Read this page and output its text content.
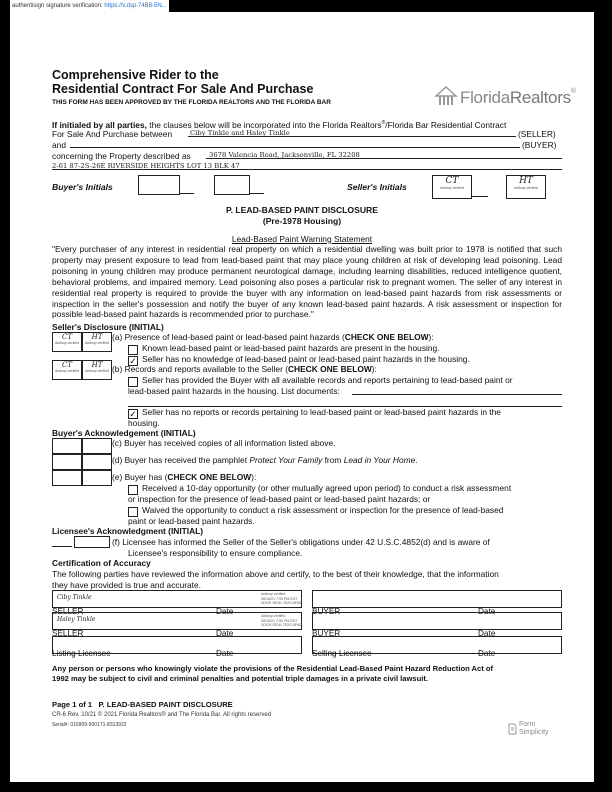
authentisign signature verification: https://v.dsp.74B8-5N...
Comprehensive Rider to the
Residential Contract For Sale And Purchase
THIS FORM HAS BEEN APPROVED BY THE FLORIDA REALTORS AND THE FLORIDA BAR	FloridaRealtors®
If initialed by all parties, the clauses below will be incorporated into the Florida Realtors®/Florida Bar Residential Contract
For Sale And Purchase between	Ciby Tinkle and Haley Tinkle	(SELLER)
and	(BUYER)
concerning the Property described as	3678 Valencia Road, Jacksonville, FL 32208
2-61 87-2S-26E RIVERSIDE HEIGHTS LOT 13 BLK 47
Buyer's Initials	Seller's Initials
CT
dotloop verified
HT
dotloop verified
P. LEAD-BASED PAINT DISCLOSURE
(Pre-1978 Housing)
Lead-Based Paint Warning Statement
"Every purchaser of any interest in residential real property on which a residential dwelling was built prior to 1978 is notified that such property may present exposure to lead from lead-based paint that may place young children at risk of developing lead poisoning. Lead poisoning in young children may produce permanent neurological damage, including learning disabilities, reduced intelligence quotient, behavioral problems, and impaired memory. Lead poisoning also poses a particular risk to pregnant women. The seller of any interest in residential real property is required to provide the buyer with any information on lead-based paint hazards from risk assessments or inspection in the seller's possession and notify the buyer of any known lead-based paint hazards. A risk assessment or inspection for possible lead-based paint hazards is recommended prior to purchase."
Seller's Disclosure (INITIAL)
CT
dotloop verified
HT
dotloop verified
(a) Presence of lead-based paint or lead-based paint hazards (CHECK ONE BELOW):
Known lead-based paint or lead-based paint hazards are present in the housing.
✓ Seller has no knowledge of lead-based paint or lead-based paint hazards in the housing.
CT
dotloop verified
HT
dotloop verified (b) Records and reports available to the Seller (CHECK ONE BELOW):
Seller has provided the Buyer with all available records and reports pertaining to lead-based paint or
lead-based paint hazards in the housing. List documents:
✓ Seller has no reports or records pertaining to lead-based paint or lead-based paint hazards in the
housing.
Buyer's Acknowledgement (INITIAL)
(c) Buyer has received copies of all information listed above.
(d) Buyer has received the pamphlet Protect Your Family from Lead in Your Home.
(e) Buyer has (CHECK ONE BELOW):
Received a 10-day opportunity (or other mutually agreed upon period) to conduct a risk assessment
or inspection for the presence of lead-based paint or lead-based paint hazards; or
Waived the opportunity to conduct a risk assessment or inspection for the presence of lead-based
paint or lead-based paint hazards.
Licensee's Acknowledgment (INITIAL)
(f) Licensee has informed the Seller of the Seller's obligations under 42 U.S.C.4852(d) and is aware of
Licensee's responsibility to ensure compliance.
Certification of Accuracy
The following parties have reviewed the information above and certify, to the best of their knowledge, that the information
they have provided is true and accurate.
Ciby Tinkle	dotloop verified
08/18/21 7:50 PM EDT
XDGP-SE1K-7E2G-5FAD
SELLER	Date	BUYER	Date
Haley Tinkle	dotloop verified
08/18/21 7:50 PM EDT
XDGP-SE1K-7E2G-5FAD
SELLER	Date	BUYER	Date
Listing Licensee	Date	Selling Licensee	Date
Any person or persons who knowingly violate the provisions of the Residential Lead-Based Paint Hazard Reduction Act of
1992 may be subject to civil and criminal penalties and potential triple damages in a private civil lawsuit.
Page 1 of 1 P. LEAD-BASED PAINT DISCLOSURE
CR-6 Rev. 10/21 © 2021 Florida Realtors® and The Florida Bar. All rights reserved
Serial#: 016909-500171-8313922	Form
Simplicity
